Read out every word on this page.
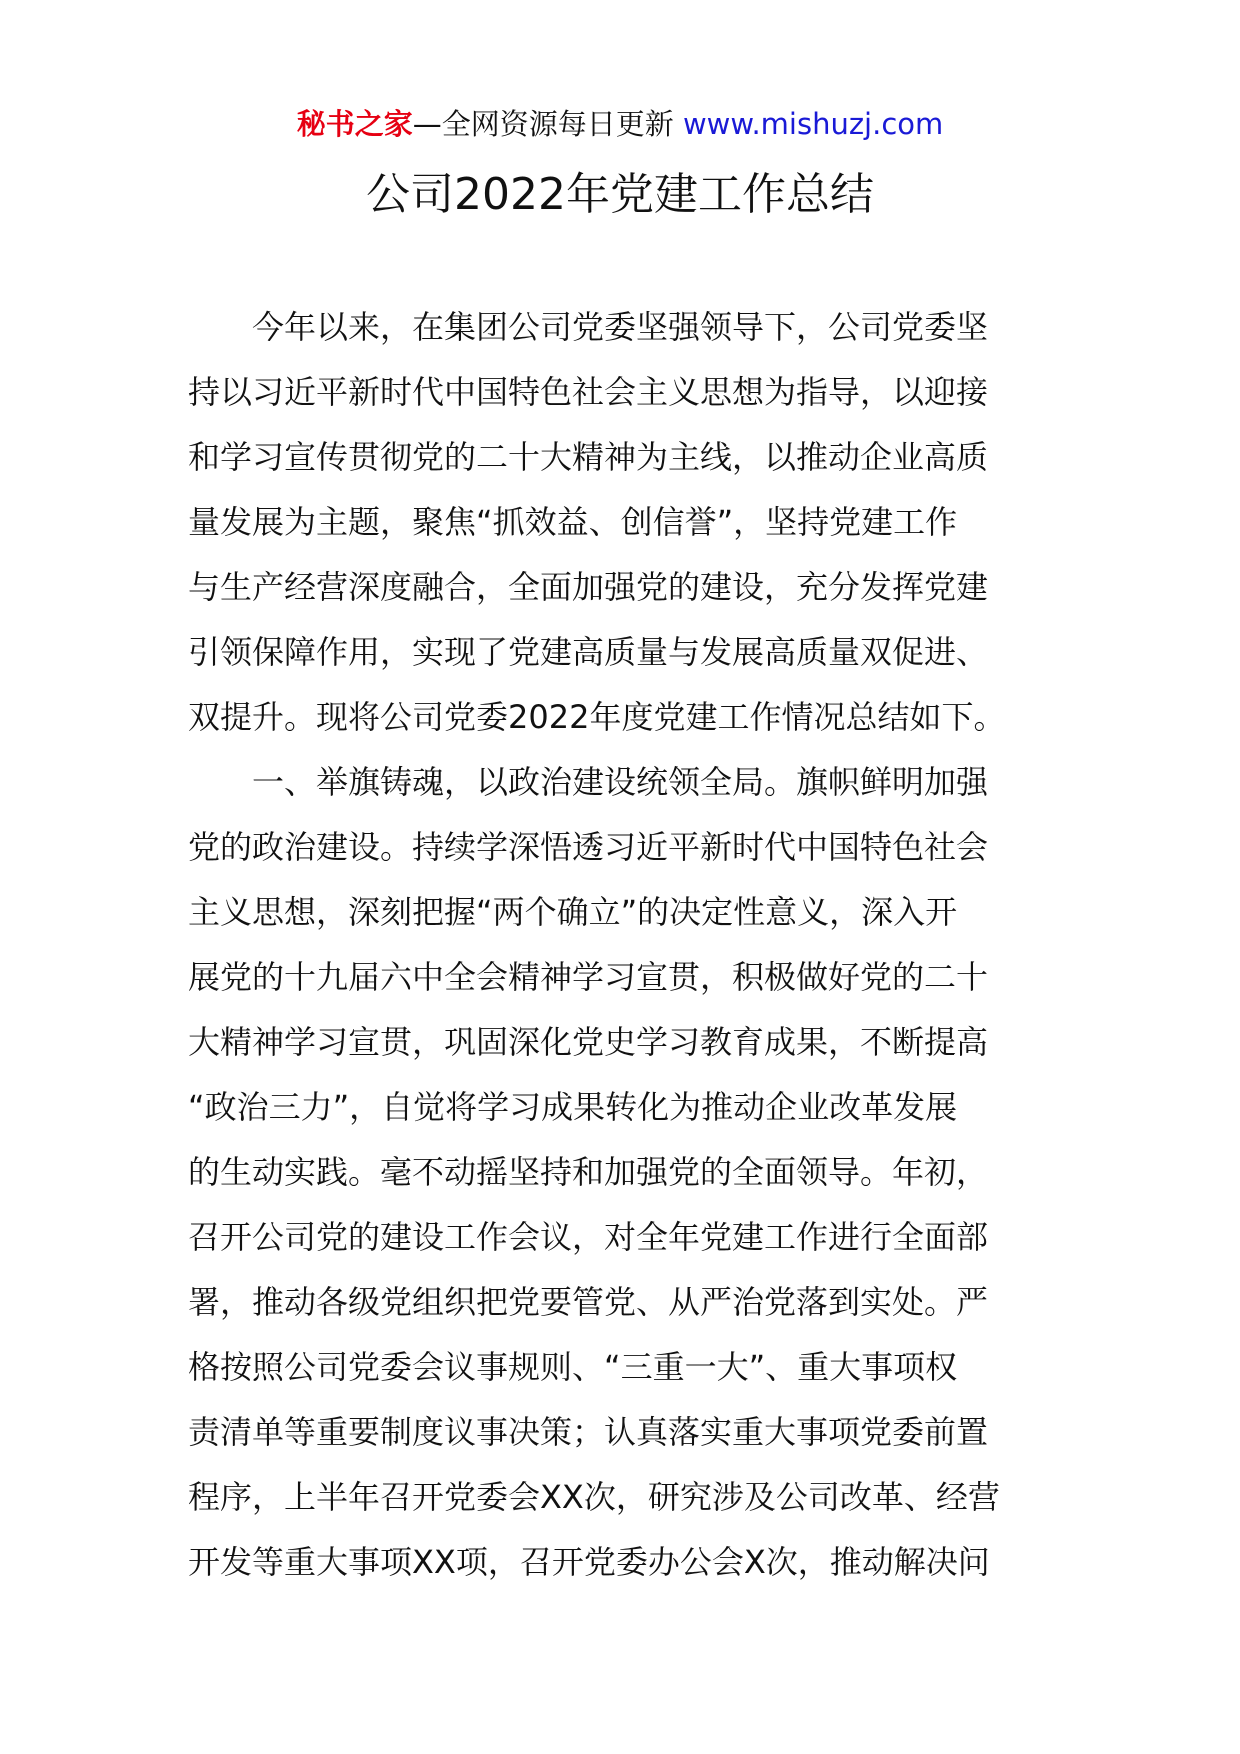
秘书之家—全网资源每日更新 www.mishuzj.com
公司2022年党建工作总结
今年以来，在集团公司党委坚强领导下，公司党委坚
持以习近平新时代中国特色社会主义思想为指导，以迎接
和学习宣传贯彻党的二十大精神为主线，以推动企业高质
量发展为主题，聚焦“抓效益、创信誉”，坚持党建工作
与生产经营深度融合，全面加强党的建设，充分发挥党建
引领保障作用，实现了党建高质量与发展高质量双促进、
双提升。现将公司党委2022年度党建工作情况总结如下。
一、举旗铸魂，以政治建设统领全局。旗帜鲜明加强
党的政治建设。持续学深悟透习近平新时代中国特色社会
主义思想，深刻把握“两个确立”的决定性意义，深入开
展党的十九届六中全会精神学习宣贯，积极做好党的二十
大精神学习宣贯，巩固深化党史学习教育成果，不断提高
“政治三力”，自觉将学习成果转化为推动企业改革发展
的生动实践。毫不动摇坚持和加强党的全面领导。年初，
召开公司党的建设工作会议，对全年党建工作进行全面部
署，推动各级党组织把党要管党、从严治党落到实处。严
格按照公司党委会议事规则、“三重一大”、重大事项权
责清单等重要制度议事决策；认真落实重大事项党委前置
程序，上半年召开党委会XX次，研究涉及公司改革、经营
开发等重大事项XX项，召开党委办公会X次，推动解决问
